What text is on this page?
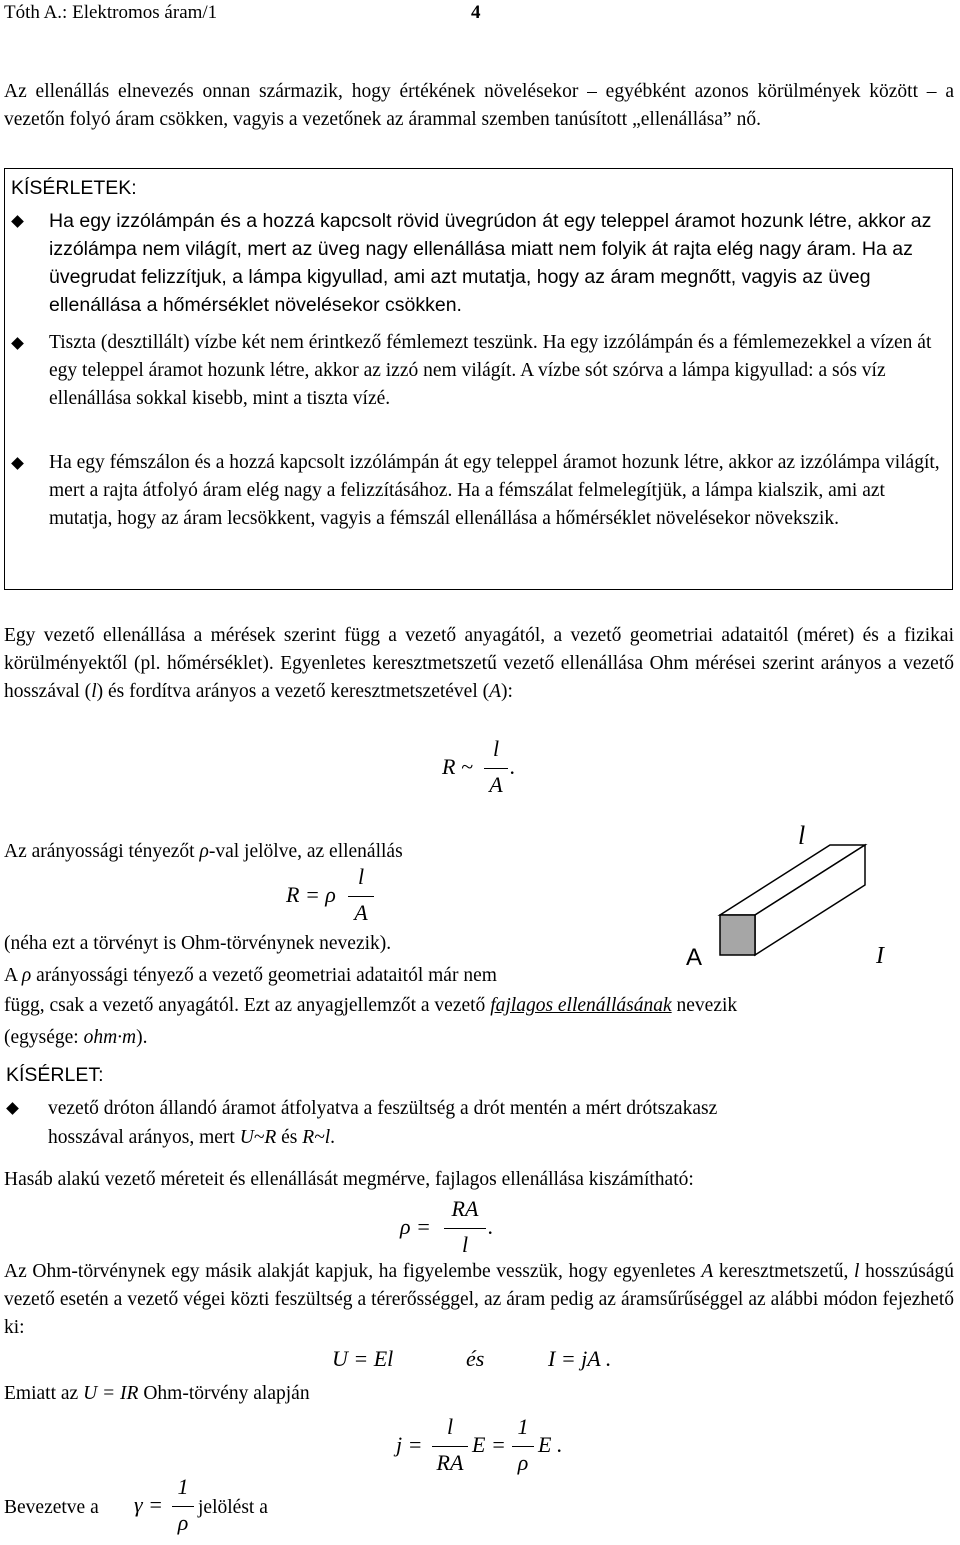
Tóth A.: Elektromos áram/1	4
Az ellenállás elnevezés onnan származik, hogy értékének növelésekor – egyébként azonos körülmények között – a vezetőn folyó áram csökken, vagyis a vezetőnek az árammal szemben tanúsított „ellenállása” nő.
KÍSÉRLETEK:
Ha egy izzólámpán és a hozzá kapcsolt rövid üvegrúdon át egy teleppel áramot hozunk létre, akkor az izzólámpa nem világít, mert az üveg nagy ellenállása miatt nem folyik át rajta elég nagy áram. Ha az üvegrudat felizzítjuk, a lámpa kigyullad, ami azt mutatja, hogy az áram megnőtt, vagyis az üveg ellenállása a hőmérséklet növelésekor csökken.
Tiszta (desztillált) vízbe két nem érintkező fémlemezt teszünk. Ha egy izzólámpán és a fémlemezekkel a vízen át egy teleppel áramot hozunk létre, akkor az izzó nem világít. A vízbe sót szórva a lámpa kigyullad: a sós víz ellenállása sokkal kisebb, mint a tiszta vízé.
Ha egy fémszálon és a hozzá kapcsolt izzólámpán át egy teleppel áramot hozunk létre, akkor az izzólámpa világít, mert a rajta átfolyó áram elég nagy a felizzításához. Ha a fémszálat felmelegítjük, a lámpa kialszik, ami azt mutatja, hogy az áram lecsökkent, vagyis a fémszál ellenállása a hőmérséklet növelésekor növekszik.
Egy vezető ellenállása a mérések szerint függ a vezető anyagától, a vezető geometriai adataitól (méret) és a fizikai körülményektől (pl. hőmérséklet). Egyenletes keresztmetszetű vezető ellenállása Ohm mérései szerint arányos a vezető hosszával (l) és fordítva arányos a vezető keresztmetszetével (A):
R ~
l
A
.
Az arányossági tényezőt ρ-val jelölve, az ellenállás
R = ρ
l
A
(néha ezt a törvényt is Ohm-törvénynek nevezik).
A ρ arányossági tényező a vezető geometriai adataitól már nem
függ, csak a vezető anyagától. Ezt az anyagjellemzőt a vezető fajlagos ellenállásának nevezik
(egysége: ohm·m).
l
A	I
KÍSÉRLET:
vezető dróton állandó áramot átfolyatva a feszültség a drót mentén a mért drótszakasz
hosszával arányos, mert U~R és R~l.
Hasáb alakú vezető méreteit és ellenállását megmérve, fajlagos ellenállása kiszámítható:
ρ =
RA
l
.
Az Ohm-törvénynek egy másik alakját kapjuk, ha figyelembe vesszük, hogy egyenletes A keresztmetszetű, l hosszúságú vezető esetén a vezető végei közti feszültség a térerősséggel, az áram pedig az áramsűrűséggel az alábbi módon fejezhető ki:
U = El	és	I = jA .
Emiatt az U = IR Ohm-törvény alapján
j =
l
RA
E =
1
ρ
E .
Bevezetve a γ =
1
ρ
jelölést a
